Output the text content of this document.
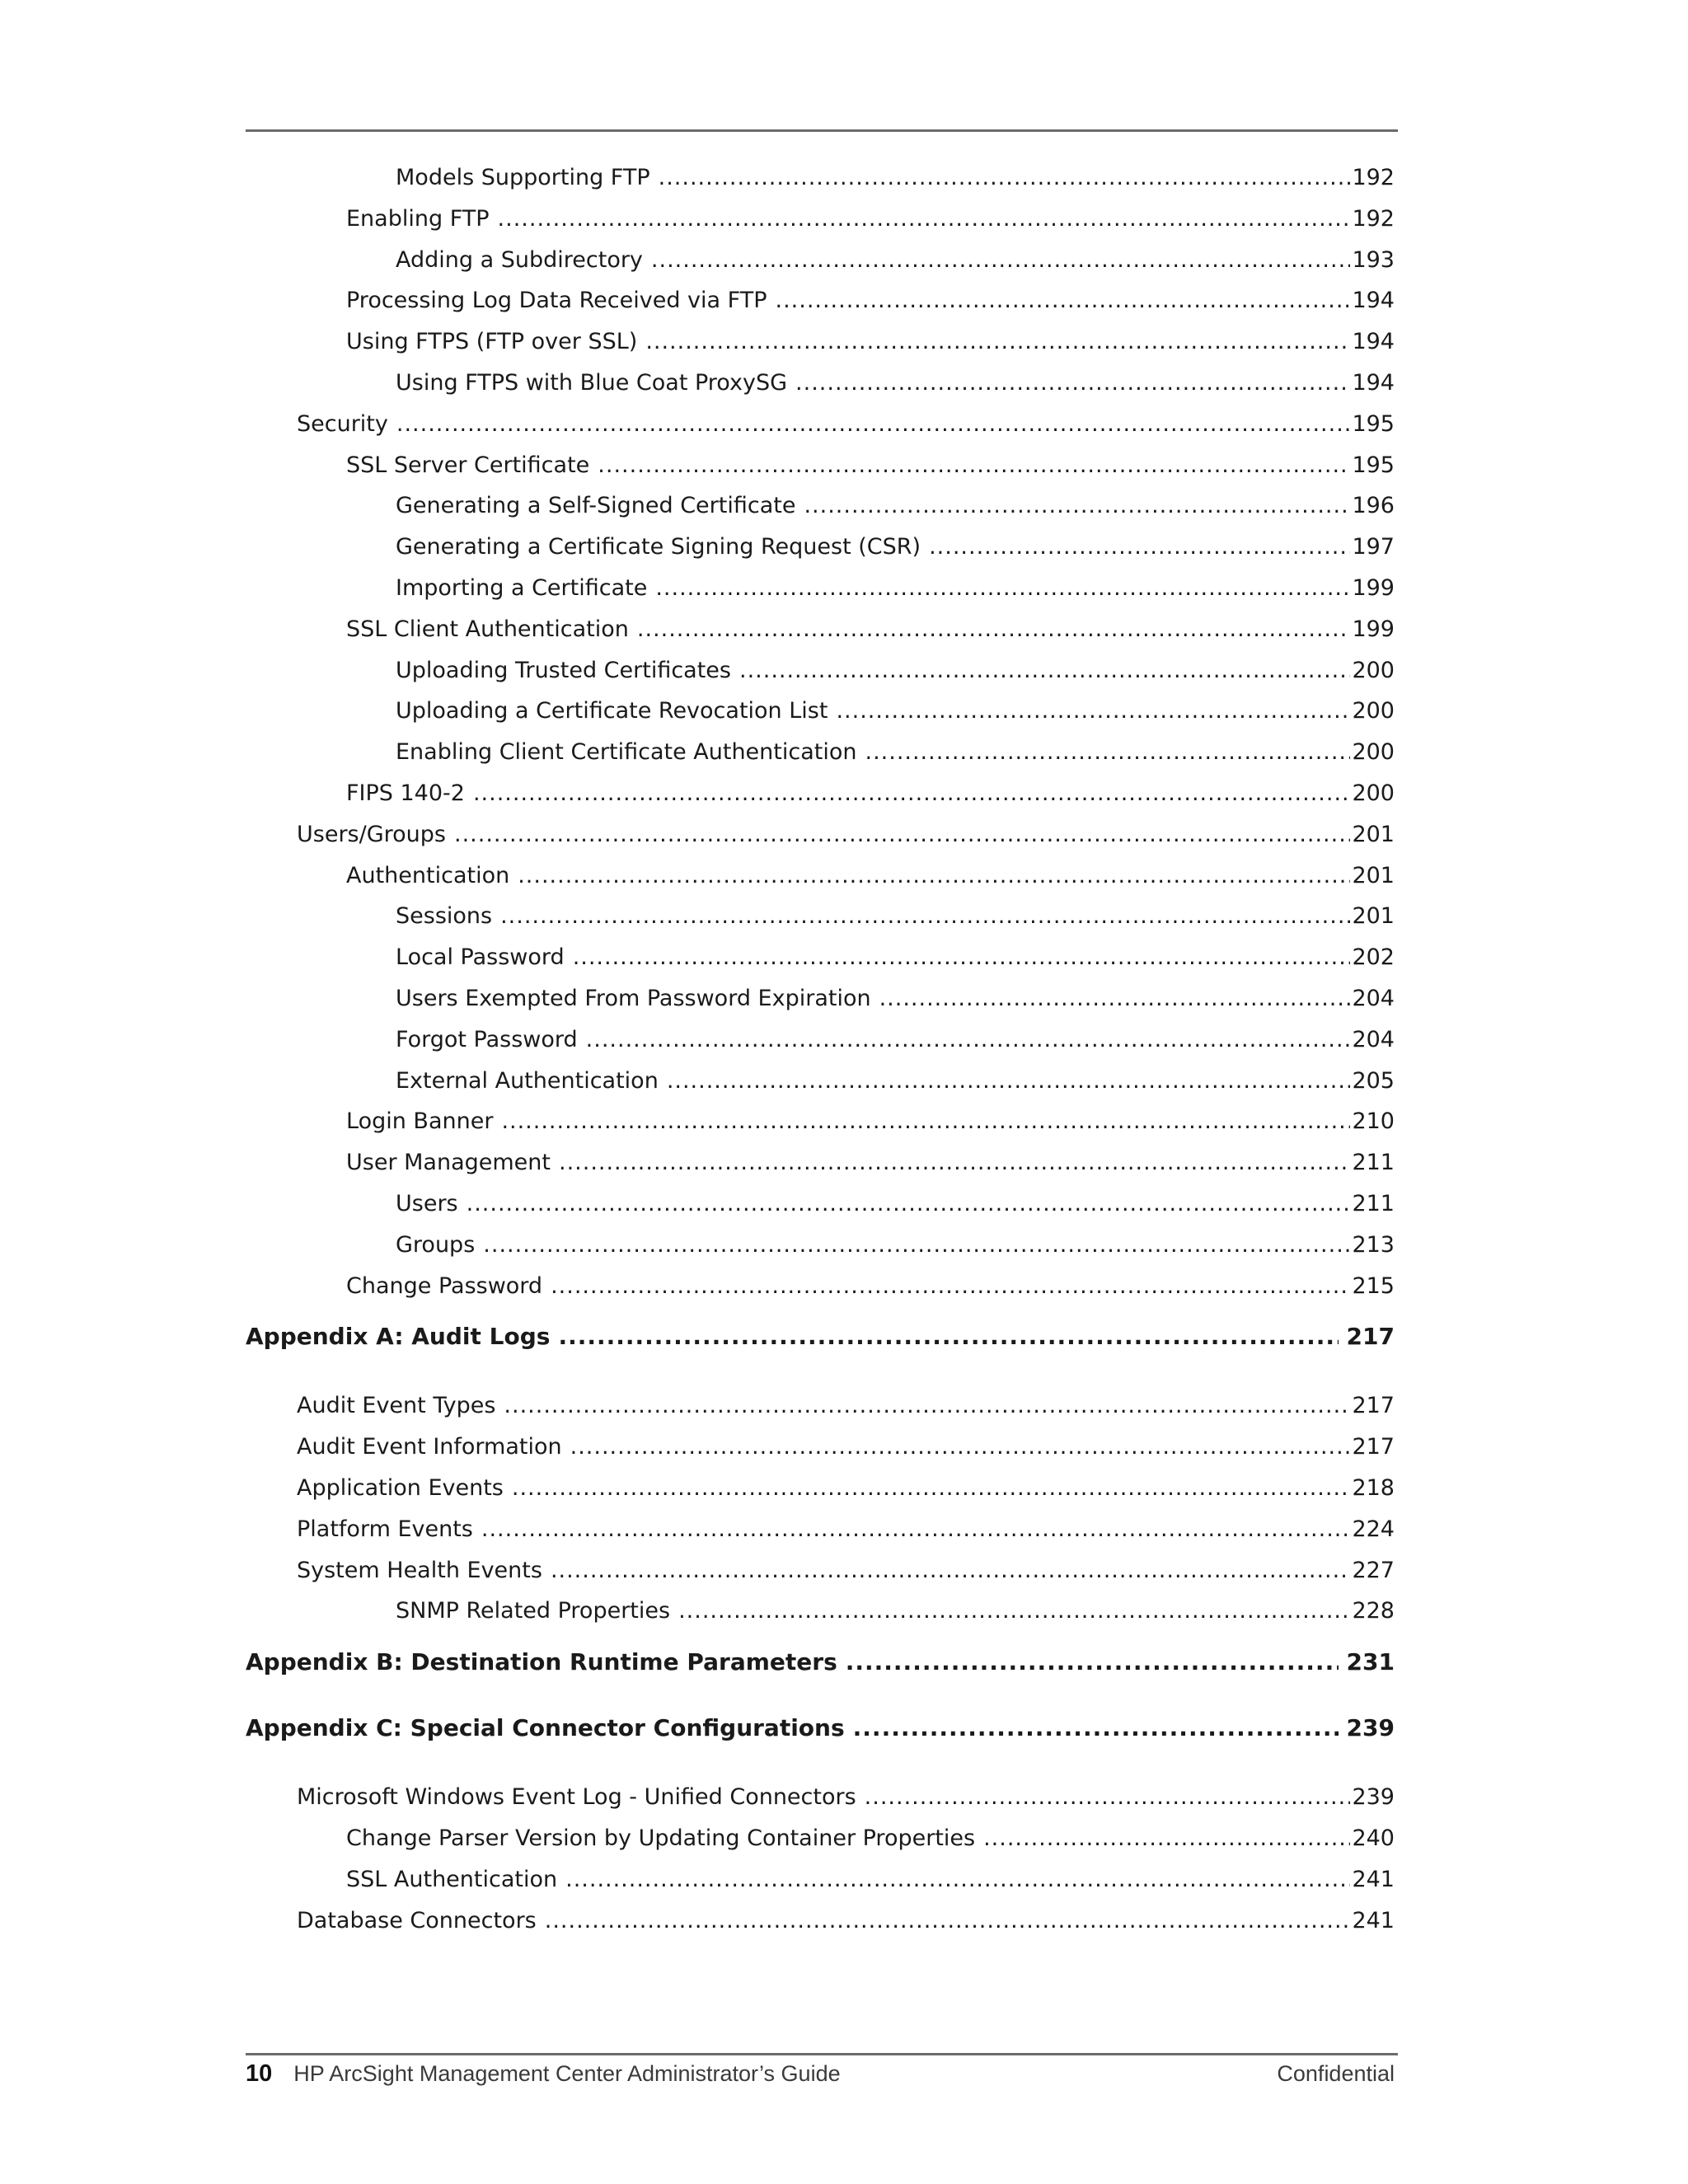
Models Supporting FTP .....	192
Enabling FTP .....	192
Adding a Subdirectory .....	193
Processing Log Data Received via FTP .....	194
Using FTPS (FTP over SSL) .....	194
Using FTPS with Blue Coat ProxySG .....	194
Security .....	195
SSL Server Certificate .....	195
Generating a Self-Signed Certificate .....	196
Generating a Certificate Signing Request (CSR) .....	197
Importing a Certificate .....	199
SSL Client Authentication .....	199
Uploading Trusted Certificates .....	200
Uploading a Certificate Revocation List .....	200
Enabling Client Certificate Authentication .....	200
FIPS 140-2 .....	200
Users/Groups .....	201
Authentication .....	201
Sessions .....	201
Local Password .....	202
Users Exempted From Password Expiration .....	204
Forgot Password .....	204
External Authentication .....	205
Login Banner .....	210
User Management .....	211
Users .....	211
Groups .....	213
Change Password .....	215
Appendix A: Audit Logs .....	217
Audit Event Types .....	217
Audit Event Information .....	217
Application Events .....	218
Platform Events .....	224
System Health Events .....	227
SNMP Related Properties .....	228
Appendix B: Destination Runtime Parameters .....	231
Appendix C: Special Connector Configurations .....	239
Microsoft Windows Event Log - Unified Connectors .....	239
Change Parser Version by Updating Container Properties .....	240
SSL Authentication .....	241
Database Connectors .....	241
10 HP ArcSight Management Center Administrator’s Guide	Confidential
